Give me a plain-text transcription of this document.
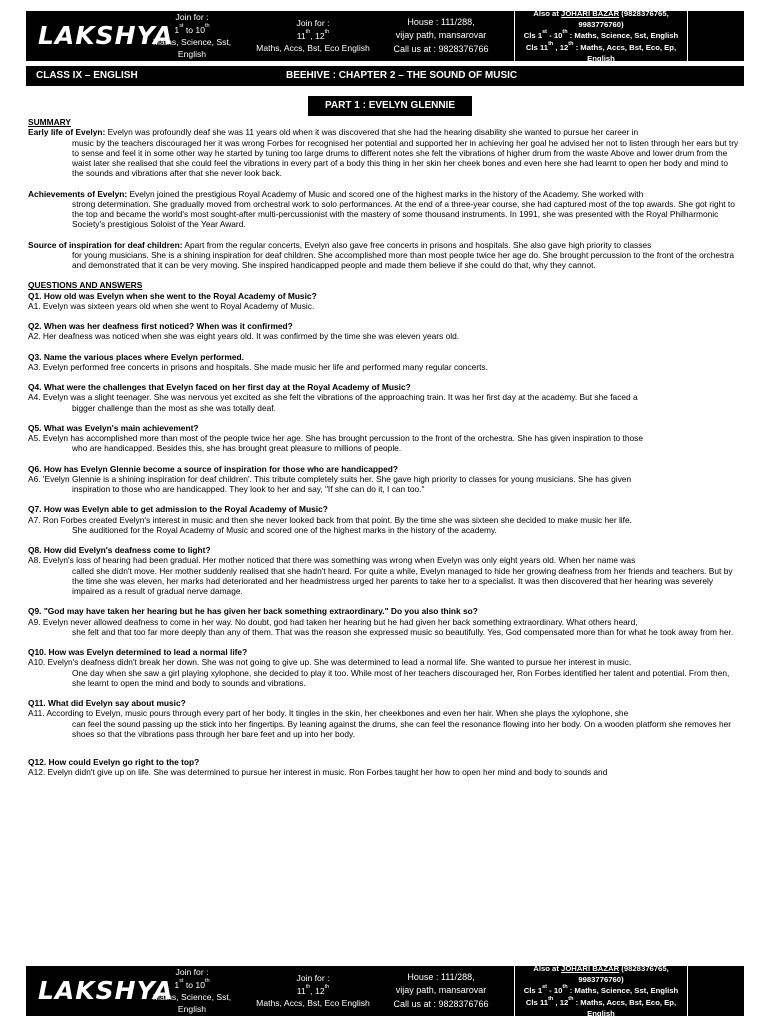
LAKSHYA
Join for :
1st to 10th
Maths, Science, Sst, English
Join for :
11th, 12th
Maths, Accs, Bst, Eco English
House : 111/288,
vijay path, mansarovar
Call us at : 9828376766
Also at JOHARI BAZAR (9828376765, 9983776760)
Cls 1st - 10th : Maths, Science, Sst, English
Cls 11th , 12th : Maths, Accs, Bst, Eco, Ep, English
CLASS IX – ENGLISH	BEEHIVE : CHAPTER 2 – THE SOUND OF MUSIC
PART 1 : EVELYN GLENNIE
SUMMARY
Early life of Evelyn: Evelyn was profoundly deaf she was 11 years old when it was discovered that she had the hearing disability she wanted to pursue her career in
music by the teachers discouraged her it was wrong Forbes for recognised her potential and supported her in achieving her goal he advised her not to listen through her ears but try to sense and feel it in some other way he started by tuning too large drums to different notes she felt the vibrations of higher drum from the waste Above and lower drum from the waist later she realised that she could feel the vibrations in every part of a body this thing in her skin her cheek bones and even here she had learnt to open her body and mind to the sounds and vibrations after that she never look back.
Achievements of Evelyn: Evelyn joined the prestigious Royal Academy of Music and scored one of the highest marks in the history of the Academy. She worked with
strong determination. She gradually moved from orchestral work to solo performances. At the end of a three-year course, she had captured most of the top awards. She got right to the top and became the world's most sought-after multi-percussionist with the mastery of some thousand instruments. In 1991, she was presented with the Royal Philharmonic Society's prestigious Soloist of the Year Award.
Source of inspiration for deaf children: Apart from the regular concerts, Evelyn also gave free concerts in prisons and hospitals. She also gave high priority to classes
for young musicians. She is a shining inspiration for deaf children. She accomplished more than most people twice her age do. She brought percussion to the front of the orchestra and demonstrated that it can be very moving. She inspired handicapped people and made them believe if she could do that, why they cannot.
QUESTIONS AND ANSWERS
Q1. How old was Evelyn when she went to the Royal Academy of Music?
A1. Evelyn was sixteen years old when she went to Royal Academy of Music.
Q2. When was her deafness first noticed? When was it confirmed?
A2. Her deafness was noticed when she was eight years old. It was confirmed by the time she was eleven years old.
Q3. Name the various places where Evelyn performed.
A3. Evelyn performed free concerts in prisons and hospitals. She made music her life and performed many regular concerts.
Q4. What were the challenges that Evelyn faced on her first day at the Royal Academy of Music?
A4. Evelyn was a slight teenager. She was nervous yet excited as she felt the vibrations of the approaching train. It was her first day at the academy. But she faced a
bigger challenge than the most as she was totally deaf.
Q5. What was Evelyn's main achievement?
A5. Evelyn has accomplished more than most of the people twice her age. She has brought percussion to the front of the orchestra. She has given inspiration to those
who are handicapped. Besides this, she has brought great pleasure to millions of people.
Q6. How has Evelyn Glennie become a source of inspiration for those who are handicapped?
A6. 'Evelyn Glennie is a shining inspiration for deaf children'. This tribute completely suits her. She gave high priority to classes for young musicians. She has given
inspiration to those who are handicapped. They look to her and say, "If she can do it, I can too."
Q7. How was Evelyn able to get admission to the Royal Academy of Music?
A7. Ron Forbes created Evelyn's interest in music and then she never looked back from that point. By the time she was sixteen she decided to make music her life.
She auditioned for the Royal Academy of Music and scored one of the highest marks in the history of the academy.
Q8. How did Evelyn's deafness come to light?
A8. Evelyn's loss of hearing had been gradual. Her mother noticed that there was something was wrong when Evelyn was only eight years old. When her name was
called she didn't move. Her mother suddenly realised that she hadn't heard. For quite a while, Evelyn managed to hide her growing deafness from her friends and teachers. But by the time she was eleven, her marks had deteriorated and her headmistress urged her parents to take her to a specialist. It was then discovered that her hearing was severely impaired as a result of gradual nerve damage.
Q9. "God may have taken her hearing but he has given her back something extraordinary." Do you also think so?
A9. Evelyn never allowed deafness to come in her way. No doubt, god had taken her hearing but he had given her back something extraordinary. What others heard,
she felt and that too far more deeply than any of them. That was the reason she expressed music so beautifully. Yes, God compensated more than for what he took away from her.
Q10. How was Evelyn determined to lead a normal life?
A10. Evelyn's deafness didn't break her down. She was not going to give up. She was determined to lead a normal life. She wanted to pursue her interest in music.
One day when she saw a girl playing xylophone, she decided to play it too. While most of her teachers discouraged her, Ron Forbes identified her talent and potential. From then, she learnt to open the mind and body to sounds and vibrations.
Q11. What did Evelyn say about music?
A11. According to Evelyn, music pours through every part of her body. It tingles in the skin, her cheekbones and even her hair. When she plays the xylophone, she
can feel the sound passing up the stick into her fingertips. By leaning against the drums, she can feel the resonance flowing into her body. On a wooden platform she removes her shoes so that the vibrations pass through her bare feet and up into her body.
Q12. How could Evelyn go right to the top?
A12. Evelyn didn't give up on life. She was determined to pursue her interest in music. Ron Forbes taught her how to open her mind and body to sounds and
LAKSHYA
Join for :
1st to 10th
Maths, Science, Sst, English
Join for :
11th, 12th
Maths, Accs, Bst, Eco English
House : 111/288,
vijay path, mansarovar
Call us at : 9828376766
Also at JOHARI BAZAR (9828376765, 9983776760)
Cls 1st - 10th : Maths, Science, Sst, English
Cls 11th , 12th : Maths, Accs, Bst, Eco, Ep, English
